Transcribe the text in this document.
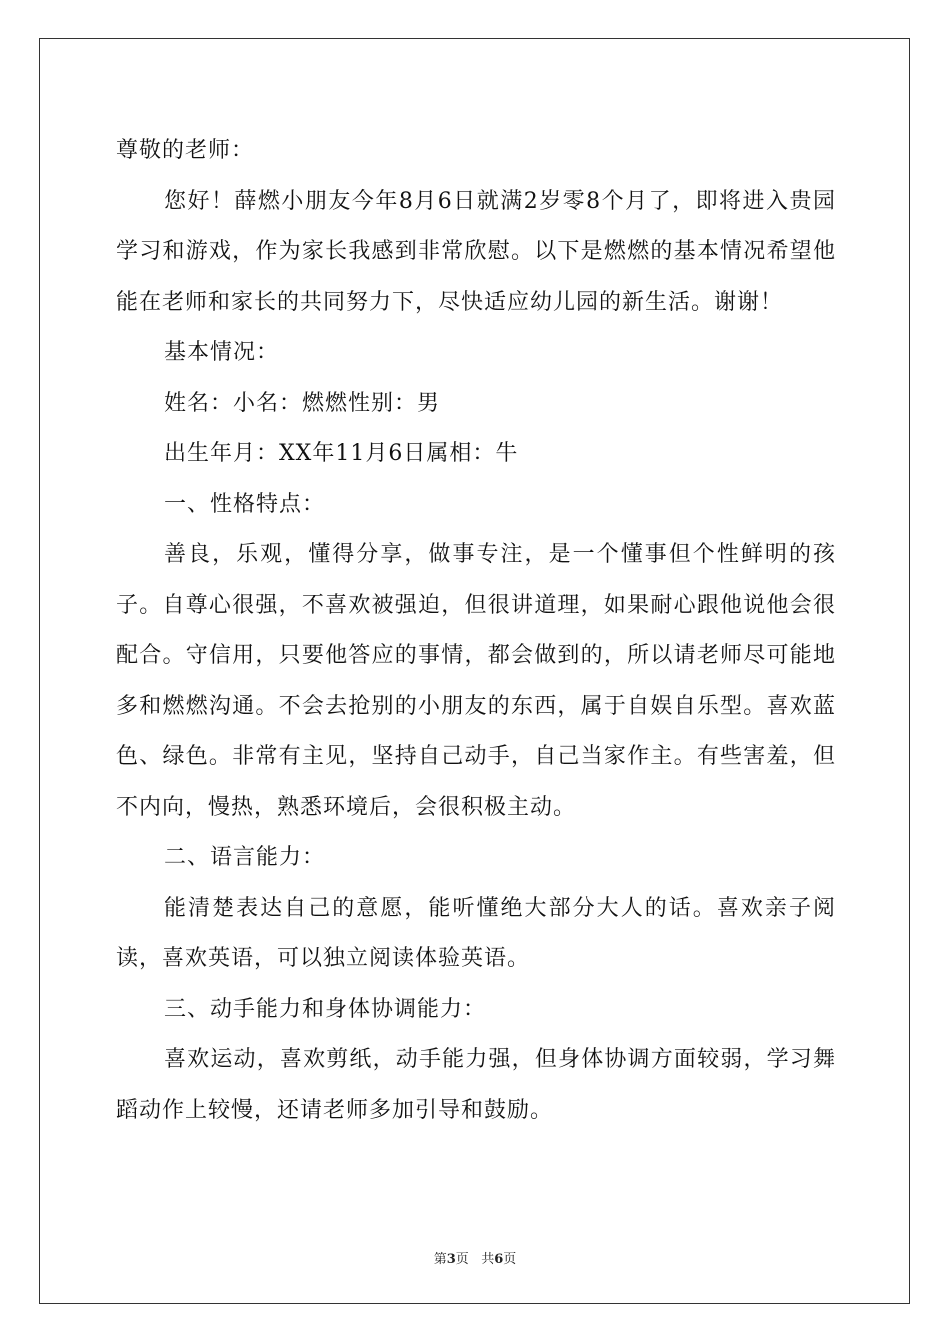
尊敬的老师：

您好！薛燃小朋友今年8月6日就满2岁零8个月了，即将进入贵园学习和游戏，作为家长我感到非常欣慰。以下是燃燃的基本情况希望他能在老师和家长的共同努力下，尽快适应幼儿园的新生活。谢谢！

基本情况：

姓名：小名：燃燃性别：男

出生年月：XX年11月6日属相：牛

一、性格特点：

善良，乐观，懂得分享，做事专注，是一个懂事但个性鲜明的孩子。自尊心很强，不喜欢被强迫，但很讲道理，如果耐心跟他说他会很配合。守信用，只要他答应的事情，都会做到的，所以请老师尽可能地多和燃燃沟通。不会去抢别的小朋友的东西，属于自娱自乐型。喜欢蓝色、绿色。非常有主见，坚持自己动手，自己当家作主。有些害羞，但不内向，慢热，熟悉环境后，会很积极主动。

二、语言能力：

能清楚表达自己的意愿，能听懂绝大部分大人的话。喜欢亲子阅读，喜欢英语，可以独立阅读体验英语。

三、动手能力和身体协调能力：

喜欢运动，喜欢剪纸，动手能力强，但身体协调方面较弱，学习舞蹈动作上较慢，还请老师多加引导和鼓励。

第3页 共6页
